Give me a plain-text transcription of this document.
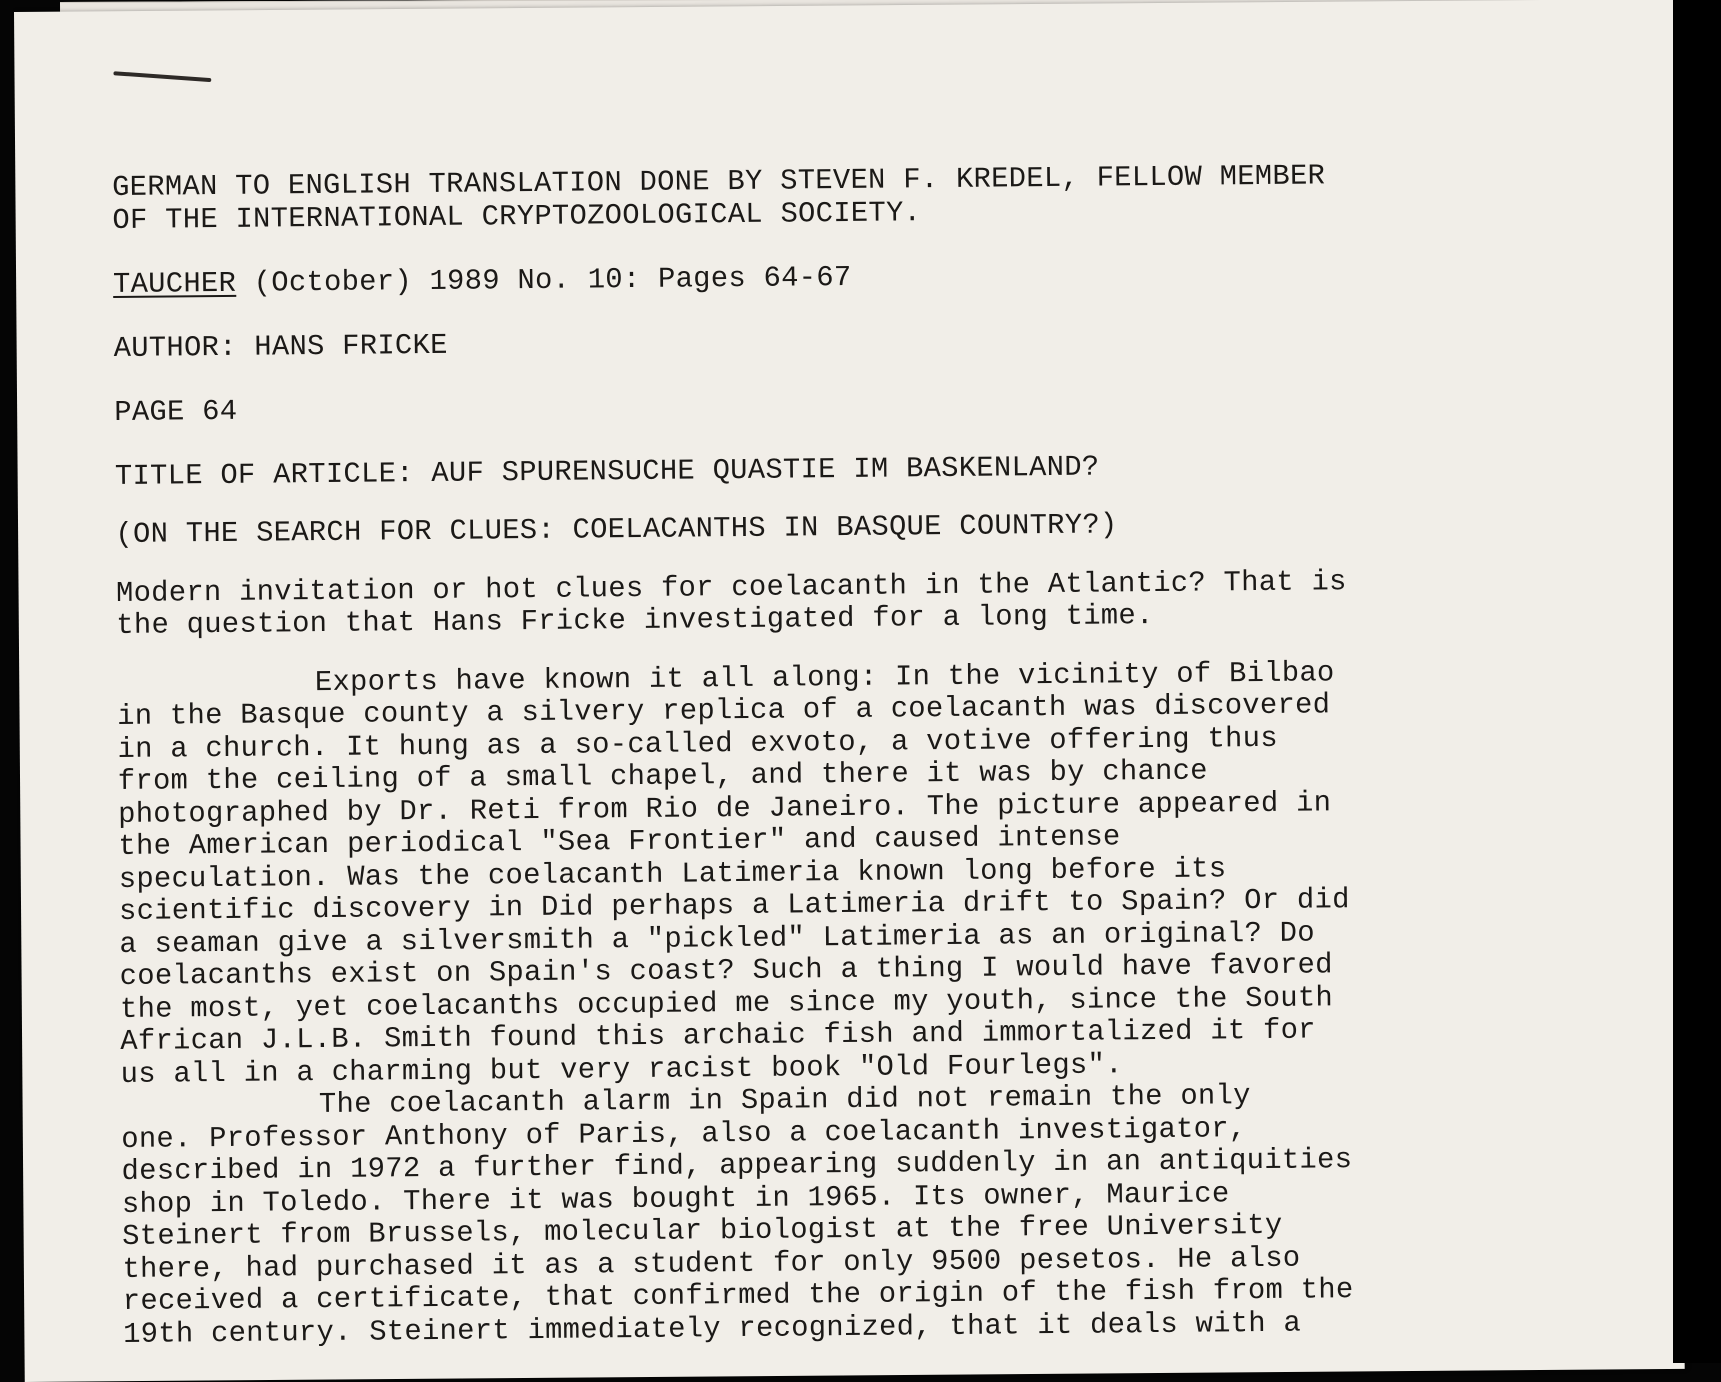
GERMAN TO ENGLISH TRANSLATION DONE BY STEVEN F. KREDEL, FELLOW MEMBER
OF THE INTERNATIONAL CRYPTOZOOLOGICAL SOCIETY.
TAUCHER (October) 1989 No. 10: Pages 64-67
AUTHOR: HANS FRICKE
PAGE 64
TITLE OF ARTICLE: AUF SPURENSUCHE QUASTIE IM BASKENLAND?
(ON THE SEARCH FOR CLUES: COELACANTHS IN BASQUE COUNTRY?)
Modern invitation or hot clues for coelacanth in the Atlantic? That is
the question that Hans Fricke investigated for a long time.
Exports have known it all along: In the vicinity of Bilbao
in the Basque county a silvery replica of a coelacanth was discovered
in a church. It hung as a so-called exvoto, a votive offering thus
from the ceiling of a small chapel, and there it was by chance
photographed by Dr. Reti from Rio de Janeiro. The picture appeared in
the American periodical "Sea Frontier" and caused intense
speculation. Was the coelacanth Latimeria known long before its
scientific discovery in Did perhaps a Latimeria drift to Spain? Or did
a seaman give a silversmith a "pickled" Latimeria as an original? Do
coelacanths exist on Spain's coast? Such a thing I would have favored
the most, yet coelacanths occupied me since my youth, since the South
African J.L.B. Smith found this archaic fish and immortalized it for
us all in a charming but very racist book "Old Fourlegs".
The coelacanth alarm in Spain did not remain the only
one. Professor Anthony of Paris, also a coelacanth investigator,
described in 1972 a further find, appearing suddenly in an antiquities
shop in Toledo. There it was bought in 1965. Its owner, Maurice
Steinert from Brussels, molecular biologist at the free University
there, had purchased it as a student for only 9500 pesetos. He also
received a certificate, that confirmed the origin of the fish from the
19th century. Steinert immediately recognized, that it deals with a
